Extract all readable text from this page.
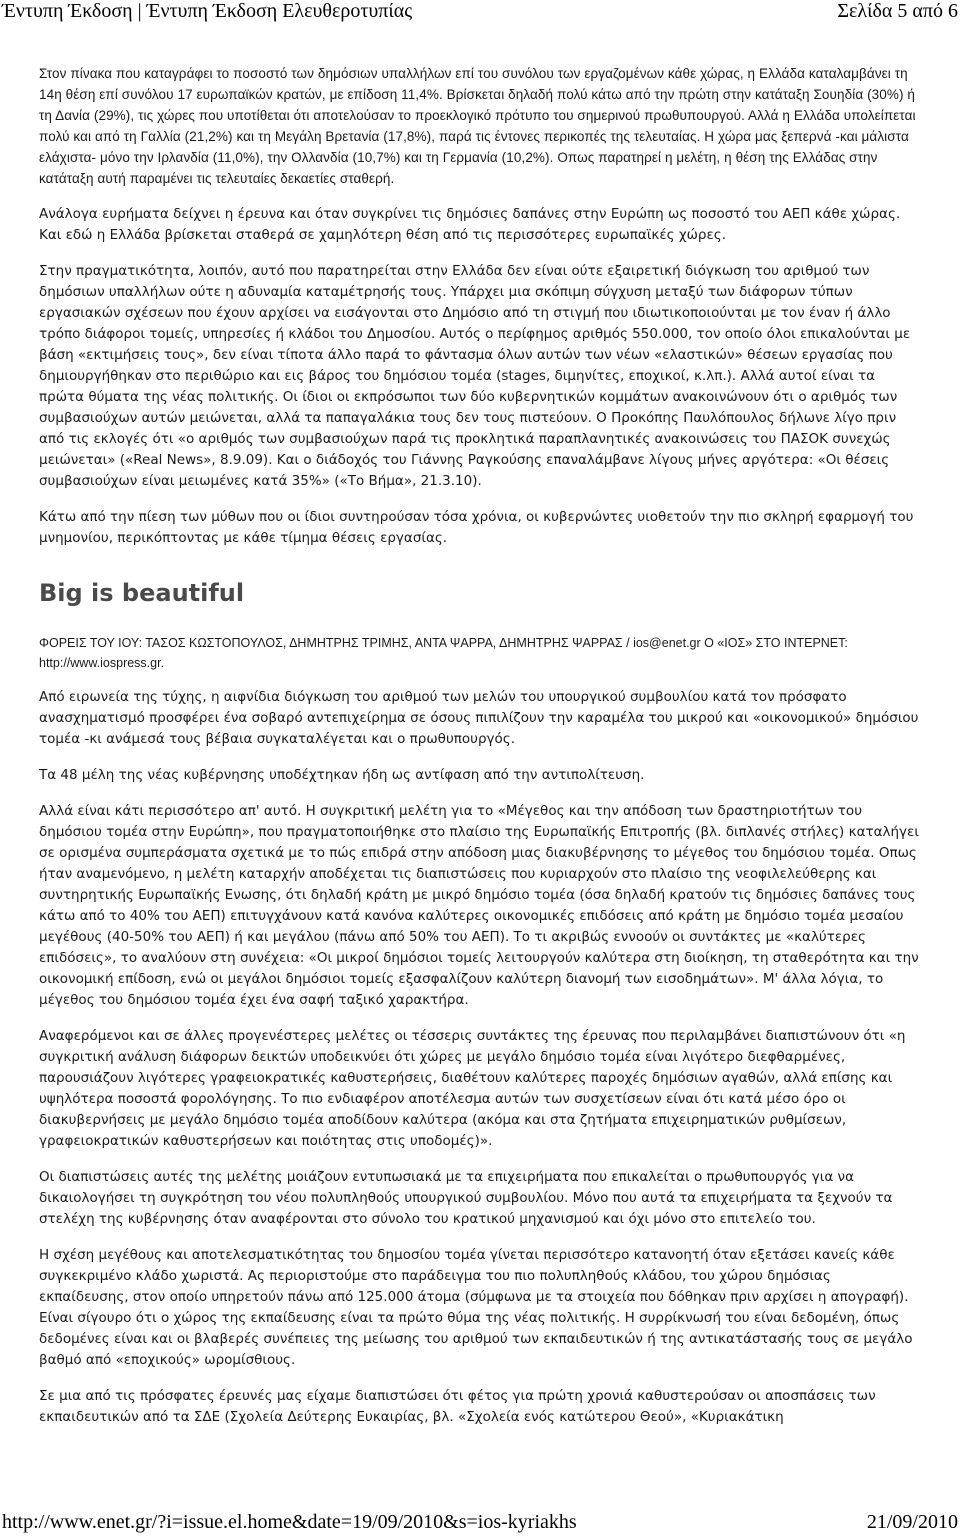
Έντυπη Έκδοση | Έντυπη Έκδοση Ελευθεροτυπίας	Σελίδα 5 από 6

Στον πίνακα που καταγράφει το ποσοστό των δημόσιων υπαλλήλων επί του συνόλου των εργαζομένων κάθε χώρας, η Ελλάδα καταλαμβάνει τη 14η θέση επί συνόλου 17 ευρωπαϊκών κρατών, με επίδοση 11,4%. Βρίσκεται δηλαδή πολύ κάτω από την πρώτη στην κατάταξη Σουηδία (30%) ή τη Δανία (29%), τις χώρες που υποτίθεται ότι αποτελούσαν το προεκλογικό πρότυπο του σημερινού πρωθυπουργού. Αλλά η Ελλάδα υπολείπεται πολύ και από τη Γαλλία (21,2%) και τη Μεγάλη Βρετανία (17,8%), παρά τις έντονες περικοπές της τελευταίας. Η χώρα μας ξεπερνά -και μάλιστα ελάχιστα- μόνο την Ιρλανδία (11,0%), την Ολλανδία (10,7%) και τη Γερμανία (10,2%). Οπως παρατηρεί η μελέτη, η θέση της Ελλάδας στην κατάταξη αυτή παραμένει τις τελευταίες δεκαετίες σταθερή.

Ανάλογα ευρήματα δείχνει η έρευνα και όταν συγκρίνει τις δημόσιες δαπάνες στην Ευρώπη ως ποσοστό του ΑΕΠ κάθε χώρας. Και εδώ η Ελλάδα βρίσκεται σταθερά σε χαμηλότερη θέση από τις περισσότερες ευρωπαϊκές χώρες.

Στην πραγματικότητα, λοιπόν, αυτό που παρατηρείται στην Ελλάδα δεν είναι ούτε εξαιρετική διόγκωση του αριθμού των δημόσιων υπαλλήλων ούτε η αδυναμία καταμέτρησής τους. Υπάρχει μια σκόπιμη σύγχυση μεταξύ των διάφορων τύπων εργασιακών σχέσεων που έχουν αρχίσει να εισάγονται στο Δημόσιο από τη στιγμή που ιδιωτικοποιούνται με τον έναν ή άλλο τρόπο διάφοροι τομείς, υπηρεσίες ή κλάδοι του Δημοσίου. Αυτός ο περίφημος αριθμός 550.000, τον οποίο όλοι επικαλούνται με βάση «εκτιμήσεις τους», δεν είναι τίποτα άλλο παρά το φάντασμα όλων αυτών των νέων «ελαστικών» θέσεων εργασίας που δημιουργήθηκαν στο περιθώριο και εις βάρος του δημόσιου τομέα (stages, διμηνίτες, εποχικοί, κ.λπ.). Αλλά αυτοί είναι τα πρώτα θύματα της νέας πολιτικής. Οι ίδιοι οι εκπρόσωποι των δύο κυβερνητικών κομμάτων ανακοινώνουν ότι ο αριθμός των συμβασιούχων αυτών μειώνεται, αλλά τα παπαγαλάκια τους δεν τους πιστεύουν. Ο Προκόπης Παυλόπουλος δήλωνε λίγο πριν από τις εκλογές ότι «ο αριθμός των συμβασιούχων παρά τις προκλητικά παραπλανητικές ανακοινώσεις του ΠΑΣΟΚ συνεχώς μειώνεται» («Real News», 8.9.09). Και ο διάδοχός του Γιάννης Ραγκούσης επαναλάμβανε λίγους μήνες αργότερα: «Οι θέσεις συμβασιούχων είναι μειωμένες κατά 35%» («Το Βήμα», 21.3.10).

Κάτω από την πίεση των μύθων που οι ίδιοι συντηρούσαν τόσα χρόνια, οι κυβερνώντες υιοθετούν την πιο σκληρή εφαρμογή του μνημονίου, περικόπτοντας με κάθε τίμημα θέσεις εργασίας.

Big is beautiful

ΦΟΡΕΙΣ ΤΟΥ ΙΟΥ: ΤΑΣΟΣ ΚΩΣΤΟΠΟΥΛΟΣ, ΔΗΜΗΤΡΗΣ ΤΡΙΜΗΣ, ΑΝΤΑ ΨΑΡΡΑ, ΔΗΜΗΤΡΗΣ ΨΑΡΡΑΣ / ios@enet.gr Ο «ΙΟΣ» ΣΤΟ ΙΝΤΕΡΝΕΤ: http://www.iospress.gr.

Από ειρωνεία της τύχης, η αιφνίδια διόγκωση του αριθμού των μελών του υπουργικού συμβουλίου κατά τον πρόσφατο ανασχηματισμό προσφέρει ένα σοβαρό αντεπιχείρημα σε όσους πιπιλίζουν την καραμέλα του μικρού και «οικονομικού» δημόσιου τομέα -κι ανάμεσά τους βέβαια συγκαταλέγεται και ο πρωθυπουργός.

Τα 48 μέλη της νέας κυβέρνησης υποδέχτηκαν ήδη ως αντίφαση από την αντιπολίτευση.

Αλλά είναι κάτι περισσότερο απ' αυτό. Η συγκριτική μελέτη για το «Μέγεθος και την απόδοση των δραστηριοτήτων του δημόσιου τομέα στην Ευρώπη», που πραγματοποιήθηκε στο πλαίσιο της Ευρωπαϊκής Επιτροπής (βλ. διπλανές στήλες) καταλήγει σε ορισμένα συμπεράσματα σχετικά με το πώς επιδρά στην απόδοση μιας διακυβέρνησης το μέγεθος του δημόσιου τομέα. Οπως ήταν αναμενόμενο, η μελέτη καταρχήν αποδέχεται τις διαπιστώσεις που κυριαρχούν στο πλαίσιο της νεοφιλελεύθερης και συντηρητικής Ευρωπαϊκής Ενωσης, ότι δηλαδή κράτη με μικρό δημόσιο τομέα (όσα δηλαδή κρατούν τις δημόσιες δαπάνες τους κάτω από το 40% του ΑΕΠ) επιτυγχάνουν κατά κανόνα καλύτερες οικονομικές επιδόσεις από κράτη με δημόσιο τομέα μεσαίου μεγέθους (40-50% του ΑΕΠ) ή και μεγάλου (πάνω από 50% του ΑΕΠ). Το τι ακριβώς εννοούν οι συντάκτες με «καλύτερες επιδόσεις», το αναλύουν στη συνέχεια: «Οι μικροί δημόσιοι τομείς λειτουργούν καλύτερα στη διοίκηση, τη σταθερότητα και την οικονομική επίδοση, ενώ οι μεγάλοι δημόσιοι τομείς εξασφαλίζουν καλύτερη διανομή των εισοδημάτων». Μ' άλλα λόγια, το μέγεθος του δημόσιου τομέα έχει ένα σαφή ταξικό χαρακτήρα.

Αναφερόμενοι και σε άλλες προγενέστερες μελέτες οι τέσσερις συντάκτες της έρευνας που περιλαμβάνει διαπιστώνουν ότι «η συγκριτική ανάλυση διάφορων δεικτών υποδεικνύει ότι χώρες με μεγάλο δημόσιο τομέα είναι λιγότερο διεφθαρμένες, παρουσιάζουν λιγότερες γραφειοκρατικές καθυστερήσεις, διαθέτουν καλύτερες παροχές δημόσιων αγαθών, αλλά επίσης και υψηλότερα ποσοστά φορολόγησης. Το πιο ενδιαφέρον αποτέλεσμα αυτών των συσχετίσεων είναι ότι κατά μέσο όρο οι διακυβερνήσεις με μεγάλο δημόσιο τομέα αποδίδουν καλύτερα (ακόμα και στα ζητήματα επιχειρηματικών ρυθμίσεων, γραφειοκρατικών καθυστερήσεων και ποιότητας στις υποδομές)».

Οι διαπιστώσεις αυτές της μελέτης μοιάζουν εντυπωσιακά με τα επιχειρήματα που επικαλείται ο πρωθυπουργός για να δικαιολογήσει τη συγκρότηση του νέου πολυπληθούς υπουργικού συμβουλίου. Μόνο που αυτά τα επιχειρήματα τα ξεχνούν τα στελέχη της κυβέρνησης όταν αναφέρονται στο σύνολο του κρατικού μηχανισμού και όχι μόνο στο επιτελείο του.

Η σχέση μεγέθους και αποτελεσματικότητας του δημοσίου τομέα γίνεται περισσότερο κατανοητή όταν εξετάσει κανείς κάθε συγκεκριμένο κλάδο χωριστά. Ας περιοριστούμε στο παράδειγμα του πιο πολυπληθούς κλάδου, του χώρου δημόσιας εκπαίδευσης, στον οποίο υπηρετούν πάνω από 125.000 άτομα (σύμφωνα με τα στοιχεία που δόθηκαν πριν αρχίσει η απογραφή). Είναι σίγουρο ότι ο χώρος της εκπαίδευσης είναι τα πρώτο θύμα της νέας πολιτικής. Η συρρίκνωσή του είναι δεδομένη, όπως δεδομένες είναι και οι βλαβερές συνέπειες της μείωσης του αριθμού των εκπαιδευτικών ή της αντικατάστασής τους σε μεγάλο βαθμό από «εποχικούς» ωρομίσθιους.

Σε μια από τις πρόσφατες έρευνές μας είχαμε διαπιστώσει ότι φέτος για πρώτη χρονιά καθυστερούσαν οι αποσπάσεις των εκπαιδευτικών από τα ΣΔΕ (Σχολεία Δεύτερης Ευκαιρίας, βλ. «Σχολεία ενός κατώτερου Θεού», «Κυριακάτικη

http://www.enet.gr/?i=issue.el.home&date=19/09/2010&s=ios-kyriakhs	21/09/2010
